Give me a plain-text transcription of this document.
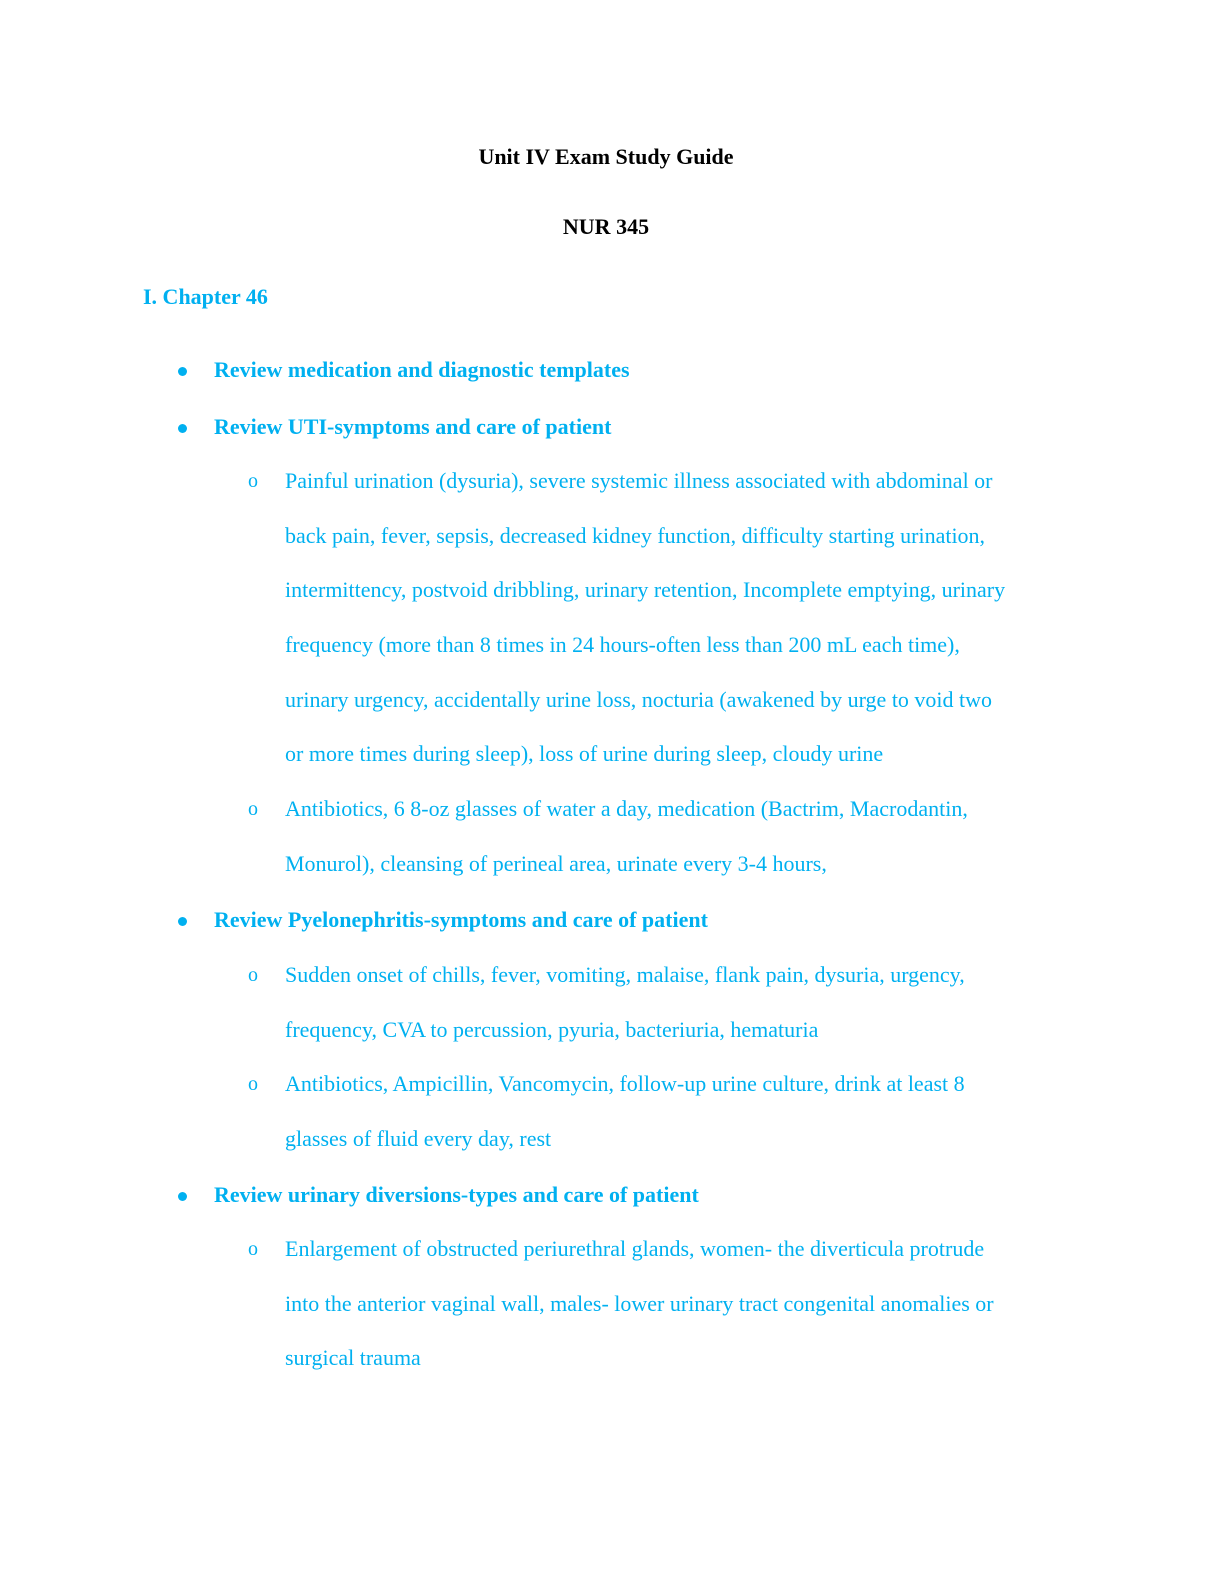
Unit IV Exam Study Guide
NUR 345
I. Chapter 46
Review medication and diagnostic templates
Review UTI-symptoms and care of patient
o Painful urination (dysuria), severe systemic illness associated with abdominal or
back pain, fever, sepsis, decreased kidney function, difficulty starting urination,
intermittency, postvoid dribbling, urinary retention, Incomplete emptying, urinary
frequency (more than 8 times in 24 hours-often less than 200 mL each time),
urinary urgency, accidentally urine loss, nocturia (awakened by urge to void two
or more times during sleep), loss of urine during sleep, cloudy urine
o Antibiotics, 6 8-oz glasses of water a day, medication (Bactrim, Macrodantin,
Monurol), cleansing of perineal area, urinate every 3-4 hours,
Review Pyelonephritis-symptoms and care of patient
o Sudden onset of chills, fever, vomiting, malaise, flank pain, dysuria, urgency,
frequency, CVA to percussion, pyuria, bacteriuria, hematuria
o Antibiotics, Ampicillin, Vancomycin, follow-up urine culture, drink at least 8
glasses of fluid every day, rest
Review urinary diversions-types and care of patient
o Enlargement of obstructed periurethral glands, women- the diverticula protrude
into the anterior vaginal wall, males- lower urinary tract congenital anomalies or
surgical trauma
